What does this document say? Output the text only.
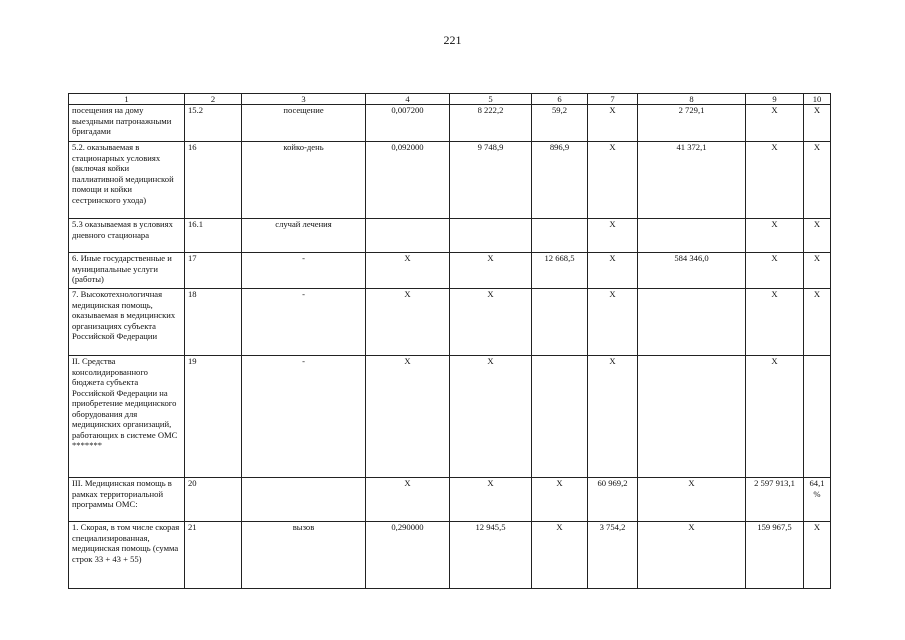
221
1	2	3	4	5	6	7	8	9	10
посещения на дому выездными патронажными бригадами	15.2	посещение	0,007200	8 222,2	59,2	X	2 729,1	X	X
5.2. оказываемая в стационарных условиях (включая койки паллиативной медицинской помощи и койки сестринского ухода)	16	койко-день	0,092000	9 748,9	896,9	X	41 372,1	X	X
5.3 оказываемая в условиях дневного стационара	16.1	случай лечения				X		X	X
6. Иные государственные и муниципальные услуги (работы)	17	-	X	X	12 668,5	X	584 346,0	X	X
7. Высокотехнологичная медицинская помощь, оказываемая в медицинских организациях субъекта Российской Федерации	18	-	X	X		X		X	X
II. Средства консолидированного бюджета субъекта Российской Федерации на приобретение медицинского оборудования для медицинских организаций, работающих в системе ОМС *******	19	-	X	X		X		X	
III. Медицинская помощь в рамках территориальной программы ОМС:	20		X	X	X	60 969,2	X	2 597 913,1	64,1%
1. Скорая, в том числе скорая специализированная, медицинская помощь (сумма строк 33 + 43 + 55)	21	вызов	0,290000	12 945,5	X	3 754,2	X	159 967,5	X
